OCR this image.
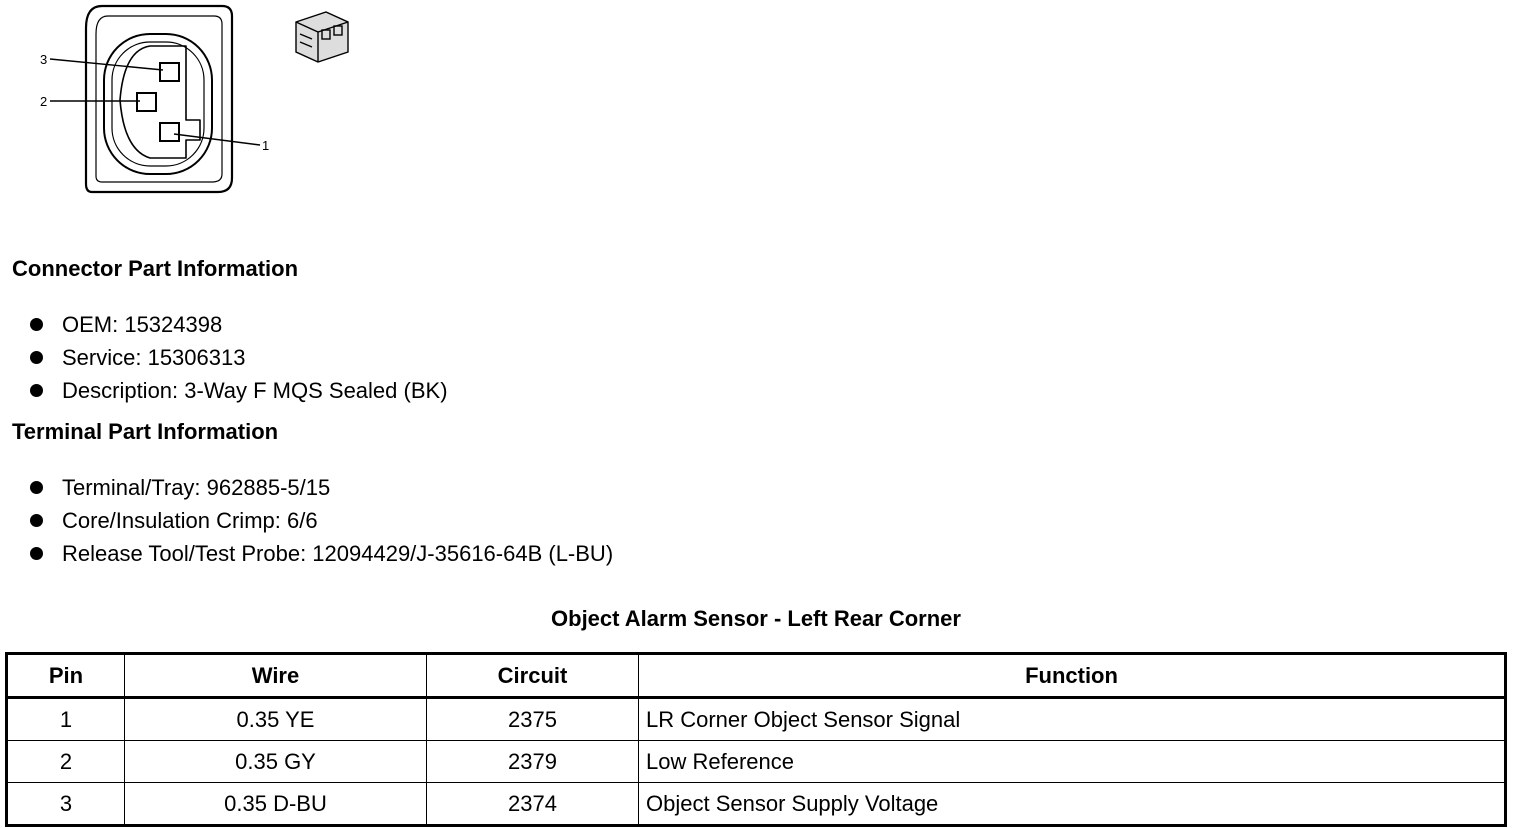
3
2
1
Connector Part Information
OEM: 15324398
Service: 15306313
Description: 3-Way F MQS Sealed (BK)
Terminal Part Information
Terminal/Tray: 962885-5/15
Core/Insulation Crimp: 6/6
Release Tool/Test Probe: 12094429/J-35616-64B (L-BU)
Object Alarm Sensor - Left Rear Corner
Pin	Wire	Circuit	Function
1	0.35 YE	2375	LR Corner Object Sensor Signal
2	0.35 GY	2379	Low Reference
3	0.35 D-BU	2374	Object Sensor Supply Voltage
